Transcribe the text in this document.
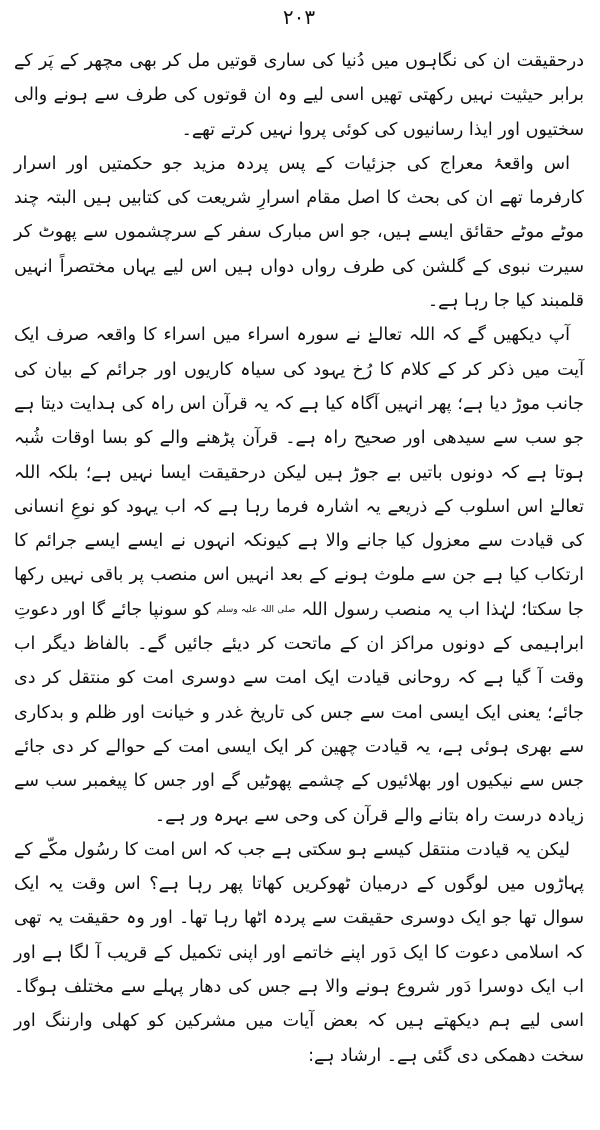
۲۰۳

درحقیقت ان کی نگاہوں میں دُنیا کی ساری قوتیں مل کر بھی مچھر کے پَر کے برابر حیثیت نہیں رکھتی تھیں اسی لیے وہ ان قوتوں کی طرف سے ہونے والی سختیوں اور ایذا رسانیوں کی کوئی پروا نہیں کرتے تھے۔

اس واقعۂ معراج کی جزئیات کے پس پردہ مزید جو حکمتیں اور اسرار کارفرما تھے ان کی بحث کا اصل مقام اسرارِ شریعت کی کتابیں ہیں البتہ چند موٹے موٹے حقائق ایسے ہیں، جو اس مبارک سفر کے سرچشموں سے پھوٹ کر سیرت نبوی کے گلشن کی طرف رواں دواں ہیں اس لیے یہاں مختصراً انہیں قلمبند کیا جا رہا ہے۔

آپ دیکھیں گے کہ اللہ تعالےٰ نے سورہ اسراء میں اسراء کا واقعہ صرف ایک آیت میں ذکر کر کے کلام کا رُخ یہود کی سیاہ کاریوں اور جرائم کے بیان کی جانب موڑ دیا ہے؛ پھر انہیں آگاہ کیا ہے کہ یہ قرآن اس راہ کی ہدایت دیتا ہے جو سب سے سیدھی اور صحیح راہ ہے۔ قرآن پڑھنے والے کو بسا اوقات شُبہ ہوتا ہے کہ دونوں باتیں بے جوڑ ہیں لیکن درحقیقت ایسا نہیں ہے؛ بلکہ اللہ تعالےٰ اس اسلوب کے ذریعے یہ اشارہ فرما رہا ہے کہ اب یہود کو نوعِ انسانی کی قیادت سے معزول کیا جانے والا ہے کیونکہ انہوں نے ایسے ایسے جرائم کا ارتکاب کیا ہے جن سے ملوث ہونے کے بعد انہیں اس منصب پر باقی نہیں رکھا جا سکتا؛ لہٰذا اب یہ منصب رسول اللہ صلی اللہ علیہ وسلم کو سونپا جائے گا اور دعوتِ ابراہیمی کے دونوں مراکز ان کے ماتحت کر دیئے جائیں گے۔ بالفاظ دیگر اب وقت آ گیا ہے کہ روحانی قیادت ایک امت سے دوسری امت کو منتقل کر دی جائے؛ یعنی ایک ایسی امت سے جس کی تاریخ غدر و خیانت اور ظلم و بدکاری سے بھری ہوئی ہے، یہ قیادت چھین کر ایک ایسی امت کے حوالے کر دی جائے جس سے نیکیوں اور بھلائیوں کے چشمے پھوٹیں گے اور جس کا پیغمبر سب سے زیادہ درست راہ بتانے والے قرآن کی وحی سے بہرہ ور ہے۔

لیکن یہ قیادت منتقل کیسے ہو سکتی ہے جب کہ اس امت کا رسُول مکّے کے پہاڑوں میں لوگوں کے درمیان ٹھوکریں کھاتا پھر رہا ہے؟ اس وقت یہ ایک سوال تھا جو ایک دوسری حقیقت سے پردہ اٹھا رہا تھا۔ اور وہ حقیقت یہ تھی کہ اسلامی دعوت کا ایک دَور اپنے خاتمے اور اپنی تکمیل کے قریب آ لگا ہے اور اب ایک دوسرا دَور شروع ہونے والا ہے جس کی دھار پہلے سے مختلف ہوگا۔ اسی لیے ہم دیکھتے ہیں کہ بعض آیات میں مشرکین کو کھلی وارننگ اور سخت دھمکی دی گئی ہے۔ ارشاد ہے:
